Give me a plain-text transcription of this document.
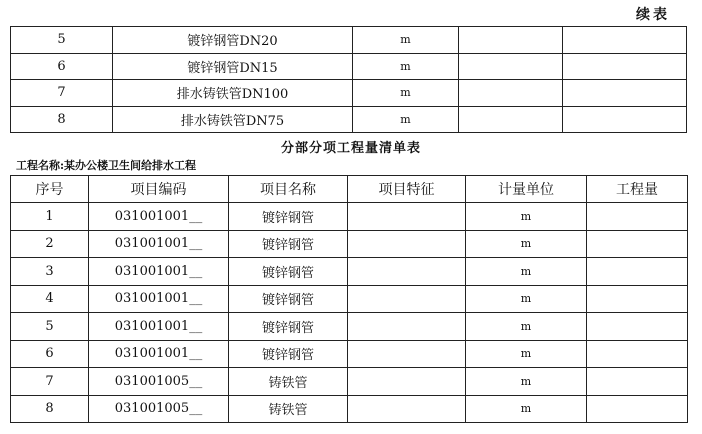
续表
5	镀锌钢管DN20	m		
6	镀锌钢管DN15	m		
7	排水铸铁管DN100	m		
8	排水铸铁管DN75	m		
分部分项工程量清单表
工程名称:某办公楼卫生间给排水工程
序号	项目编码	项目名称	项目特征	计量单位	工程量
1	031001001__	镀锌钢管		m	
2	031001001__	镀锌钢管		m	
3	031001001__	镀锌钢管		m	
4	031001001__	镀锌钢管		m	
5	031001001__	镀锌钢管		m	
6	031001001__	镀锌钢管		m	
7	031001005__	铸铁管		m	
8	031001005__	铸铁管		m	
